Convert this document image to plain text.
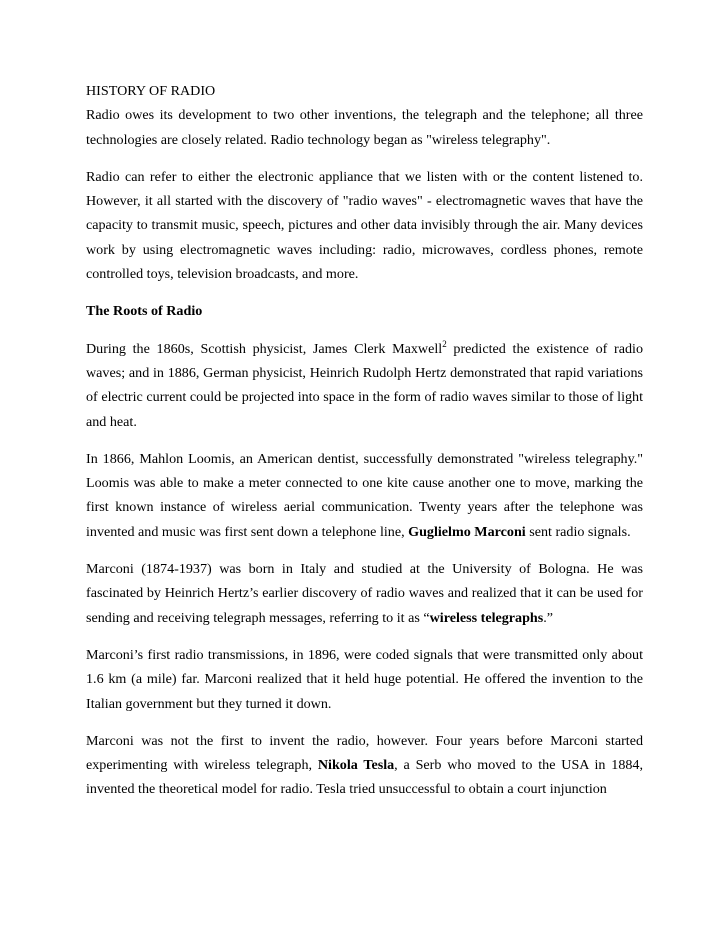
HISTORY OF RADIO

Radio owes its development to two other inventions, the telegraph and the telephone; all three technologies are closely related. Radio technology began as "wireless telegraphy".

Radio can refer to either the electronic appliance that we listen with or the content listened to. However, it all started with the discovery of "radio waves" - electromagnetic waves that have the capacity to transmit music, speech, pictures and other data invisibly through the air. Many devices work by using electromagnetic waves including: radio, microwaves, cordless phones, remote controlled toys, television broadcasts, and more.

The Roots of Radio

During the 1860s, Scottish physicist, James Clerk Maxwell$^2$ predicted the existence of radio waves; and in 1886, German physicist, Heinrich Rudolph Hertz demonstrated that rapid variations of electric current could be projected into space in the form of radio waves similar to those of light and heat.

In 1866, Mahlon Loomis, an American dentist, successfully demonstrated "wireless telegraphy." Loomis was able to make a meter connected to one kite cause another one to move, marking the first known instance of wireless aerial communication. Twenty years after the telephone was invented and music was first sent down a telephone line, Guglielmo Marconi sent radio signals.

Marconi (1874-1937) was born in Italy and studied at the University of Bologna. He was fascinated by Heinrich Hertz’s earlier discovery of radio waves and realized that it can be used for sending and receiving telegraph messages, referring to it as “wireless telegraphs.”

Marconi’s first radio transmissions, in 1896, were coded signals that were transmitted only about 1.6 km (a mile) far. Marconi realized that it held huge potential. He offered the invention to the Italian government but they turned it down.

Marconi was not the first to invent the radio, however. Four years before Marconi started experimenting with wireless telegraph, Nikola Tesla, a Serb who moved to the USA in 1884, invented the theoretical model for radio. Tesla tried unsuccessful to obtain a court injunction
